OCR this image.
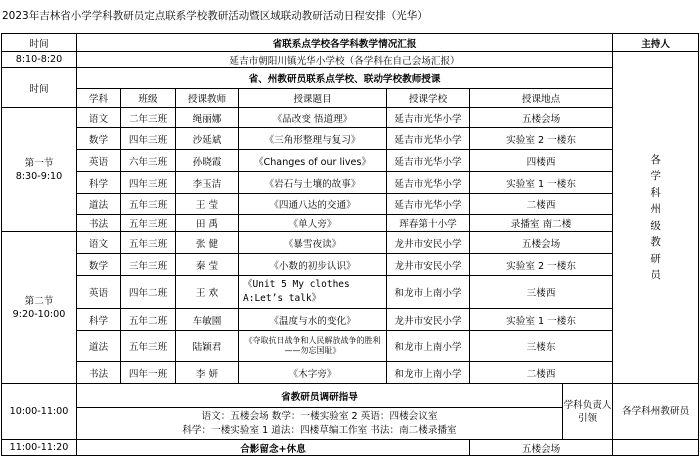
2023年吉林省小学学科教研员定点联系学校教研活动暨区域联动教研活动日程安排（光华）
时间	省联系点学校各学科教学情况汇报							主持人	
8:10-8:20	延吉市朝阳川镇光华小学校（各学科在自己会场汇报）							各学科州级教研员	

时间	省、州教研员联系点学校、联动学校教师授课								
	学科	班级	授课教师	授课题目	授课学校	授课地点	

第一节
8:30-9:10	语文	二年三班	绳丽娜	《品改变 悟道理》	延吉市光华小学	五楼会场	
	数学	四年三班	沙延斌	《三角形整理与复习》	延吉市光华小学	实验室 2 一楼东	
	英语	六年三班	孙晓霞	《Changes of our lives》	延吉市光华小学	四楼西	
	科学	四年三班	李玉洁	《岩石与土壤的故事》	延吉市光华小学	实验室 1 一楼东	
	道法	五年三班	王 莹	《四通八达的交通》	延吉市光华小学	二楼西	
	书法	五年三班	田 禹	《单人旁》	珲春第十小学	录播室 南二楼	

第二节
9:20-10:00	语文	五年三班	张 健	《暴雪夜读》	龙井市安民小学	五楼会场	
	数学	三年三班	秦 莹	《小数的初步认识》	龙井市安民小学	实验室 2 一楼东	
	英语	四年二班	王 欢	《Unit 5 My clothes A:Let’s talk》	和龙市上南小学	三楼西	
	科学	五年二班	车敏園	《温度与水的变化》	龙井市安民小学	实验室 1 一楼东	
	道法	五年三班	陆颖君	《夺取抗日战争和人民解放战争的胜利——勿忘国耻》	和龙市上南小学	三楼东	
	书法	四年一班	李 妍	《木字旁》	和龙市上南小学	二楼西	
10:00-11:00	省教研员调研指导						学科负责人引领	各学科州教研员	

	语文：五楼会场 数学：一楼实验室 2 英语：四楼会议室
科学：一楼实验室 1 道法：四楼草编工作室 书法：南二楼录播室								

11:00-11:20	合影留念+休息					五楼会场			
